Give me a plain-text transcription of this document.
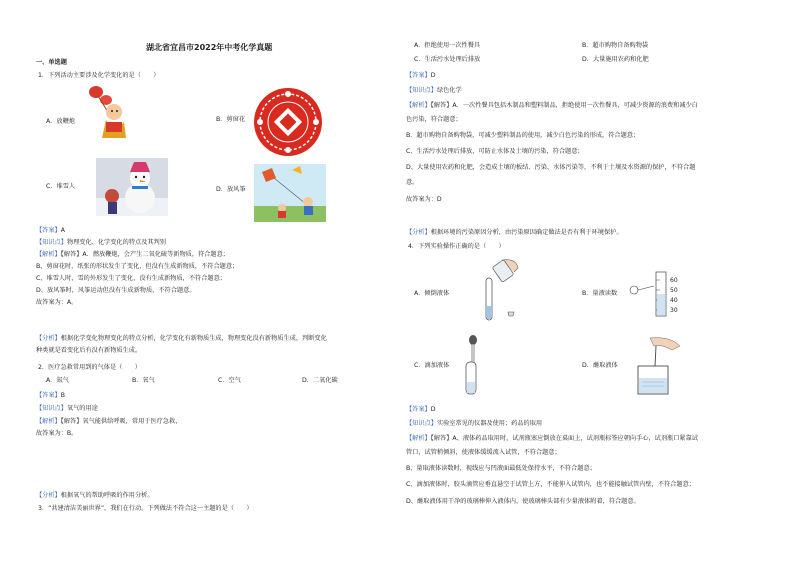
湖北省宜昌市2022年中考化学真题
一、单选题
1．下列活动主要涉及化学变化的是（　　）
A．放鞭炮	B．剪窗花
C．堆雪人	D．放风筝
【答案】A
【知识点】物理变化、化学变化的特点及其判别
【解析】【解答】A．燃放鞭炮，会产生二氧化硫等新物质，符合题意；
B、剪窗花时，纸张的形状发生了变化，但没有生成新物质，不符合题意；
C、堆雪人时，雪的外形发生了变化，没有生成新物质，不符合题意；
D、放风筝时，风筝运动但没有生成新物质，不符合题意。
故答案为：A。
【分析】根据化学变化物理变化的特点分析，化学变化有新物质生成，物理变化没有新物质生成，判断变化
种类就是看变化后有没有新物质生成。
2．医疗急救常用到的气体是（　　）
A．氮气	B．氧气	C．空气	D．二氧化碳
【答案】B
【知识点】氧气的用途
【解析】【解答】氧气能供给呼吸，常用于医疗急救，
故答案为：B。
【分析】根据氧气的帮助呼吸的作用分析。
3．“共建清洁美丽世界”，我们在行动。下列做法不符合这一主题的是（　　）
A．拒绝使用一次性餐具	B．超市购物自备购物袋
C．生活污水处理后排放	D．大量施用农药和化肥
【答案】D
【知识点】绿色化学
【解析】【解答】A．一次性餐具包括木制品和塑料制品，拒绝使用一次性餐具，可减少资源的浪费和减少白
色污染，符合题意；
B．超市购物自备购物袋，可减少塑料制品的使用，减少白色污染的形成，符合题意；
C、生活污水处理后排放，可防止水体及土壤的污染，符合题意；
D、大量使用农药和化肥，会造成土壤的板结、污染、水体污染等，不利于土壤及水资源的保护，不符合题
意。
故答案为：D
【分析】根据环境的污染原因分析，由污染原因确定做法是否有利于环境保护。
4．下列实验操作正确的是（　　）
A．倾倒液体	B．量液读数
60
50
40
30
C．滴加液体	D．蘸取液体
【答案】D
【知识点】实验室常见的仪器及使用；药品的取用
【解析】【解答】A、液体药品取用时，试剂瓶塞应倒放在桌面上，试剂瓶标签应朝向手心，试剂瓶口紧靠试
管口，试管稍倾斜，使液体缓缓流入试管，不符合题意；
B、量取液体读数时，视线应与凹液面最低处保持水平，不符合题意；
C、滴加液体时，胶头滴管应垂直悬空于试管上方，不能伸入试管内，也不能接触试管内壁，不符合题意；
D、蘸取液体用干净的玻璃棒伸入液体内，使玻璃棒头部有少量液体附着，符合题意。
